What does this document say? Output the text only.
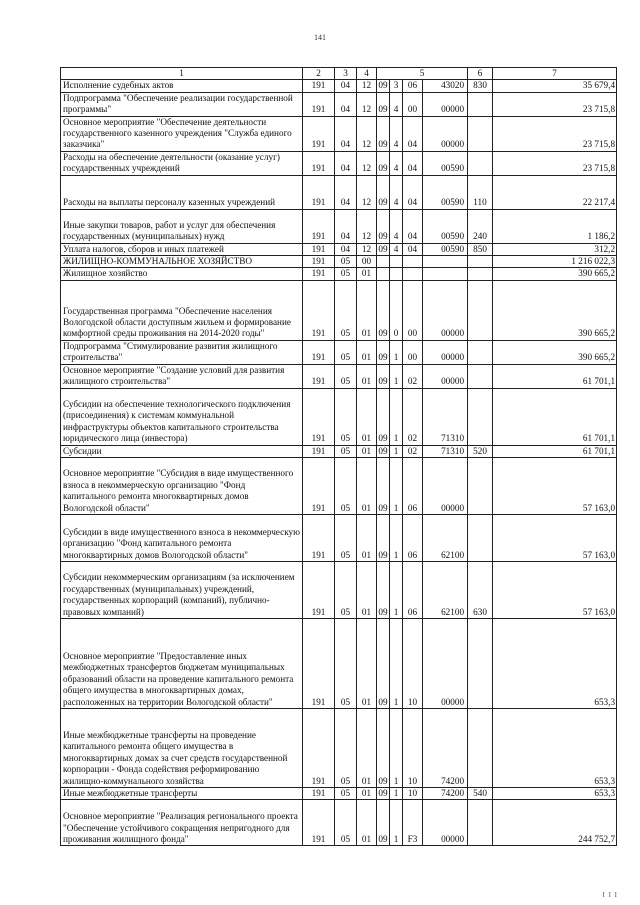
141
1	2	3	4	5				6	7
Исполнение судебных актов	191	04	12	09	3	06	43020	830	35 679,4
Подпрограмма "Обеспечение реализации государственной программы"	191	04	12	09	4	00	00000		23 715,8
Основное мероприятие "Обеспечение деятельности государственного казенного учреждения "Служба единого заказчика"	191	04	12	09	4	04	00000		23 715,8
Расходы на обеспечение деятельности (оказание услуг) государственных учреждений	191	04	12	09	4	04	00590		23 715,8
Расходы на выплаты персоналу казенных учреждений	191	04	12	09	4	04	00590	110	22 217,4
Иные закупки товаров, работ и услуг для обеспечения государственных (муниципальных) нужд	191	04	12	09	4	04	00590	240	1 186,2
Уплата налогов, сборов и иных платежей	191	04	12	09	4	04	00590	850	312,2
ЖИЛИЩНО-КОММУНАЛЬНОЕ ХОЗЯЙСТВО	191	05	00						1 216 022,3
Жилищное хозяйство	191	05	01						390 665,2
Государственная программа "Обеспечение населения Вологодской области доступным жильем и формирование комфортной среды проживания на 2014-2020 годы"	191	05	01	09	0	00	00000		390 665,2
Подпрограмма "Стимулирование развития жилищного строительства"	191	05	01	09	1	00	00000		390 665,2
Основное мероприятие "Создание условий для развития жилищного строительства"	191	05	01	09	1	02	00000		61 701,1
Субсидии на обеспечение технологического подключения (присоединения) к системам коммунальной инфраструктуры объектов капитального строительства юридического лица (инвестора)	191	05	01	09	1	02	71310		61 701,1
Субсидии	191	05	01	09	1	02	71310	520	61 701,1
Основное мероприятие "Субсидия в виде имущественного взноса в некоммерческую организацию "Фонд капитального ремонта многоквартирных домов Вологодской области"	191	05	01	09	1	06	00000		57 163,0
Субсидии в виде имущественного взноса в некоммерческую организацию "Фонд капитального ремонта многоквартирных домов Вологодской области"	191	05	01	09	1	06	62100		57 163,0
Субсидии некоммерческим организациям (за исключением государственных (муниципальных) учреждений, государственных корпораций (компаний), публично-правовых компаний)	191	05	01	09	1	06	62100	630	57 163,0
Основное мероприятие "Предоставление иных межбюджетных трансфертов бюджетам муниципальных образований области на проведение капитального ремонта общего имущества в многоквартирных домах, расположенных на территории Вологодской области"	191	05	01	09	1	10	00000		653,3
Иные межбюджетные трансферты на проведение капитального ремонта общего имущества в многоквартирных домах за счет средств государственной корпорации - Фонда содействия реформированию жилищно-коммунального хозяйства	191	05	01	09	1	10	74200		653,3
Иные межбюджетные трансферты	191	05	01	09	1	10	74200	540	653,3
Основное мероприятие "Реализация регионального проекта "Обеспечение устойчивого сокращения непригодного для проживания жилищного фонда"	191	05	01	09	1	F3	00000		244 752,7
I I I
